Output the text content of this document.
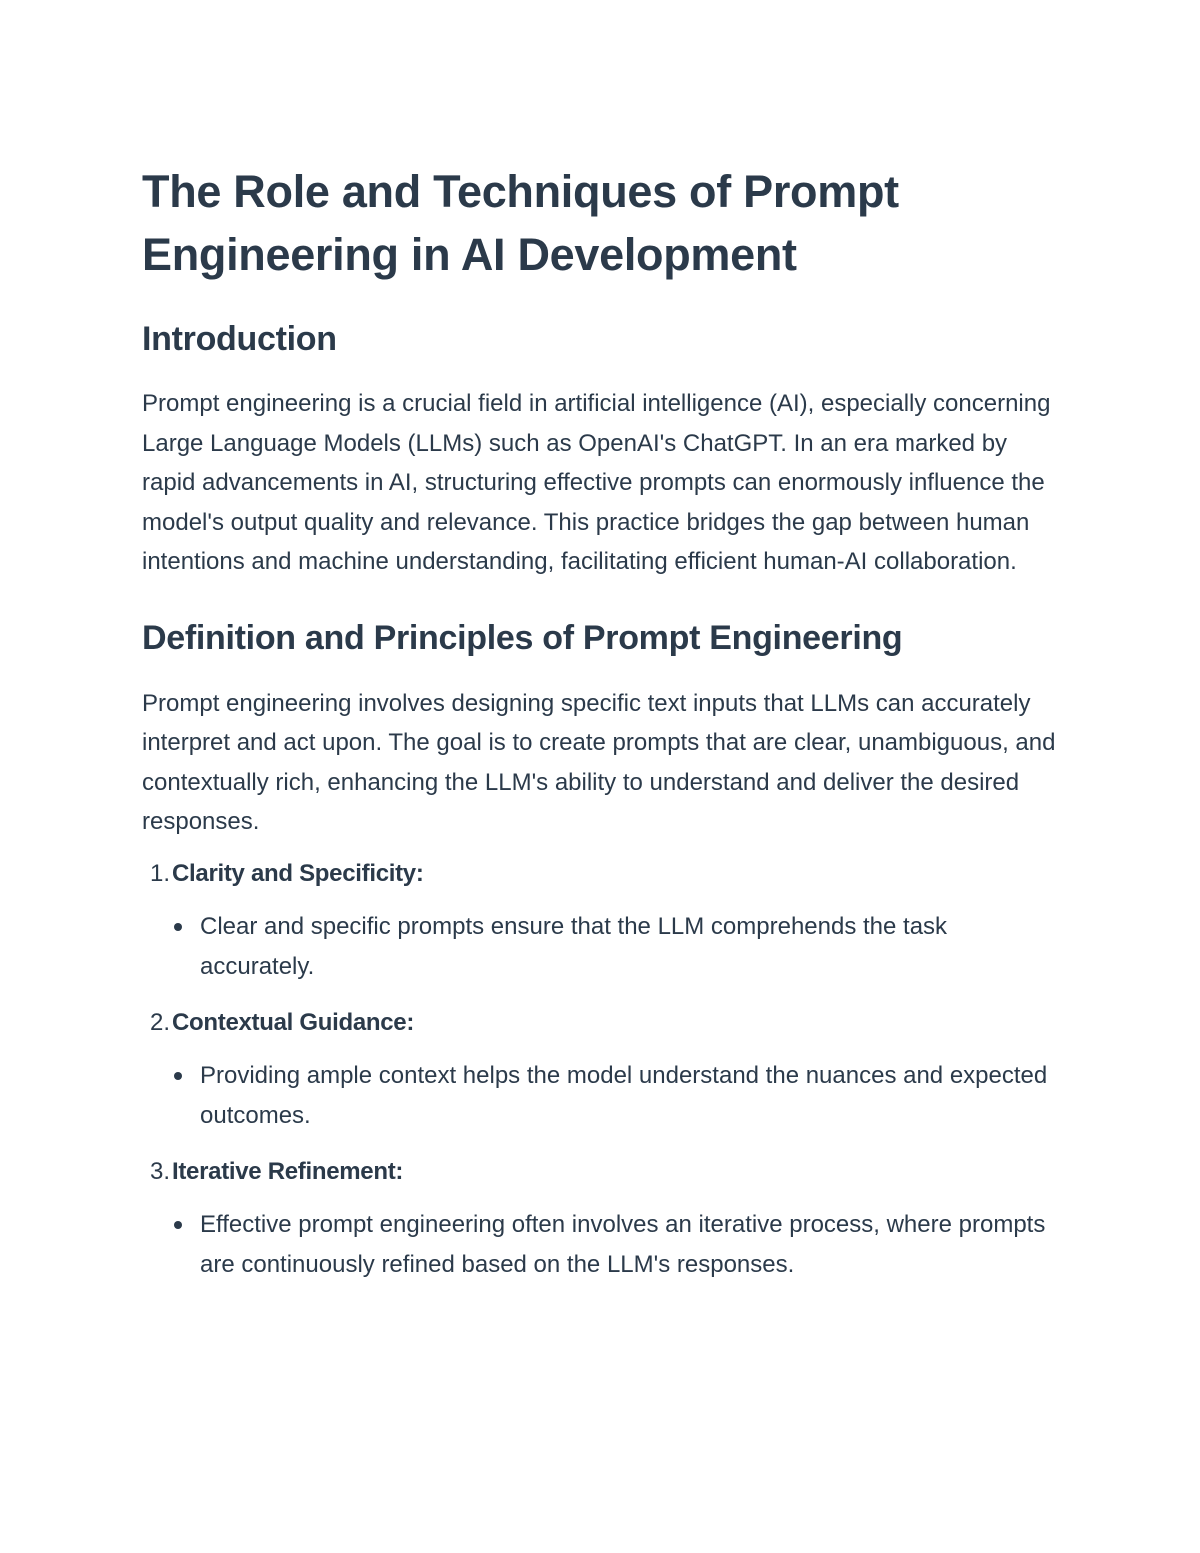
The Role and Techniques of Prompt Engineering in AI Development
Introduction

Prompt engineering is a crucial field in artificial intelligence (AI), especially concerning Large Language Models (LLMs) such as OpenAI's ChatGPT. In an era marked by rapid advancements in AI, structuring effective prompts can enormously influence the model's output quality and relevance. This practice bridges the gap between human intentions and machine understanding, facilitating efficient human-AI collaboration.

Definition and Principles of Prompt Engineering

Prompt engineering involves designing specific text inputs that LLMs can accurately interpret and act upon. The goal is to create prompts that are clear, unambiguous, and contextually rich, enhancing the LLM's ability to understand and deliver the desired responses.

1. Clarity and Specificity:
Clear and specific prompts ensure that the LLM comprehends the task accurately.
2. Contextual Guidance:
Providing ample context helps the model understand the nuances and expected outcomes.
3. Iterative Refinement:
Effective prompt engineering often involves an iterative process, where prompts are continuously refined based on the LLM's responses.
